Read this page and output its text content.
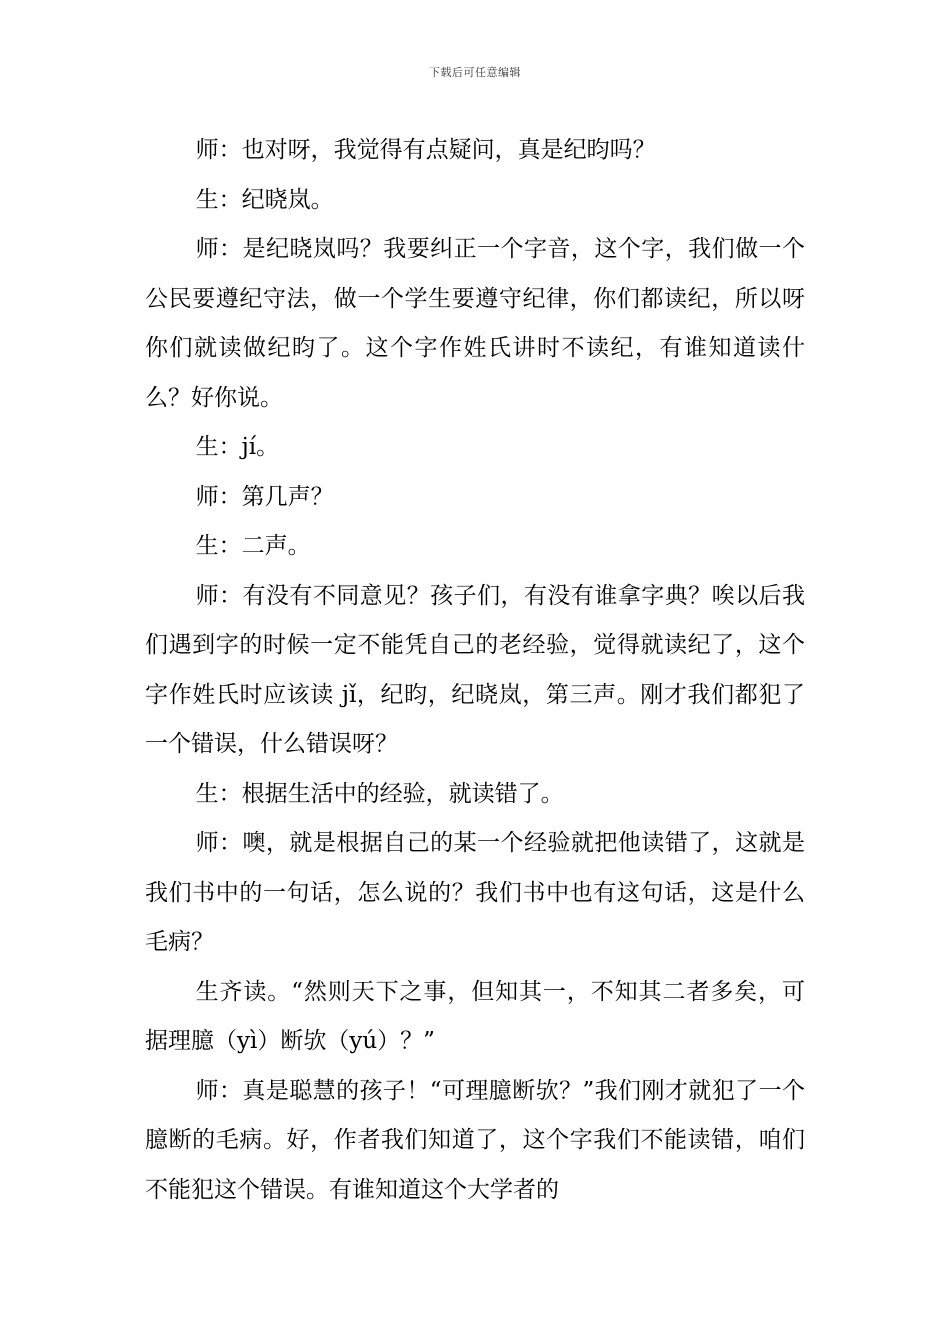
下载后可任意编辑

师：也对呀，我觉得有点疑问，真是纪昀吗？

生：纪晓岚。

师：是纪晓岚吗？我要纠正一个字音，这个字，我们做一个公民要遵纪守法，做一个学生要遵守纪律，你们都读纪，所以呀你们就读做纪昀了。这个字作姓氏讲时不读纪，有谁知道读什么？好你说。

生：jí。

师：第几声？

生：二声。

师：有没有不同意见？孩子们，有没有谁拿字典？唉以后我们遇到字的时候一定不能凭自己的老经验，觉得就读纪了，这个字作姓氏时应该读 jǐ，纪昀，纪晓岚，第三声。刚才我们都犯了一个错误，什么错误呀？

生：根据生活中的经验，就读错了。

师：噢，就是根据自己的某一个经验就把他读错了，这就是我们书中的一句话，怎么说的？我们书中也有这句话，这是什么毛病？

生齐读。“然则天下之事，但知其一，不知其二者多矣，可据理臆（yì）断欤（yú）？”

师：真是聪慧的孩子！“可理臆断欤？”我们刚才就犯了一个臆断的毛病。好，作者我们知道了，这个字我们不能读错，咱们不能犯这个错误。有谁知道这个大学者的
